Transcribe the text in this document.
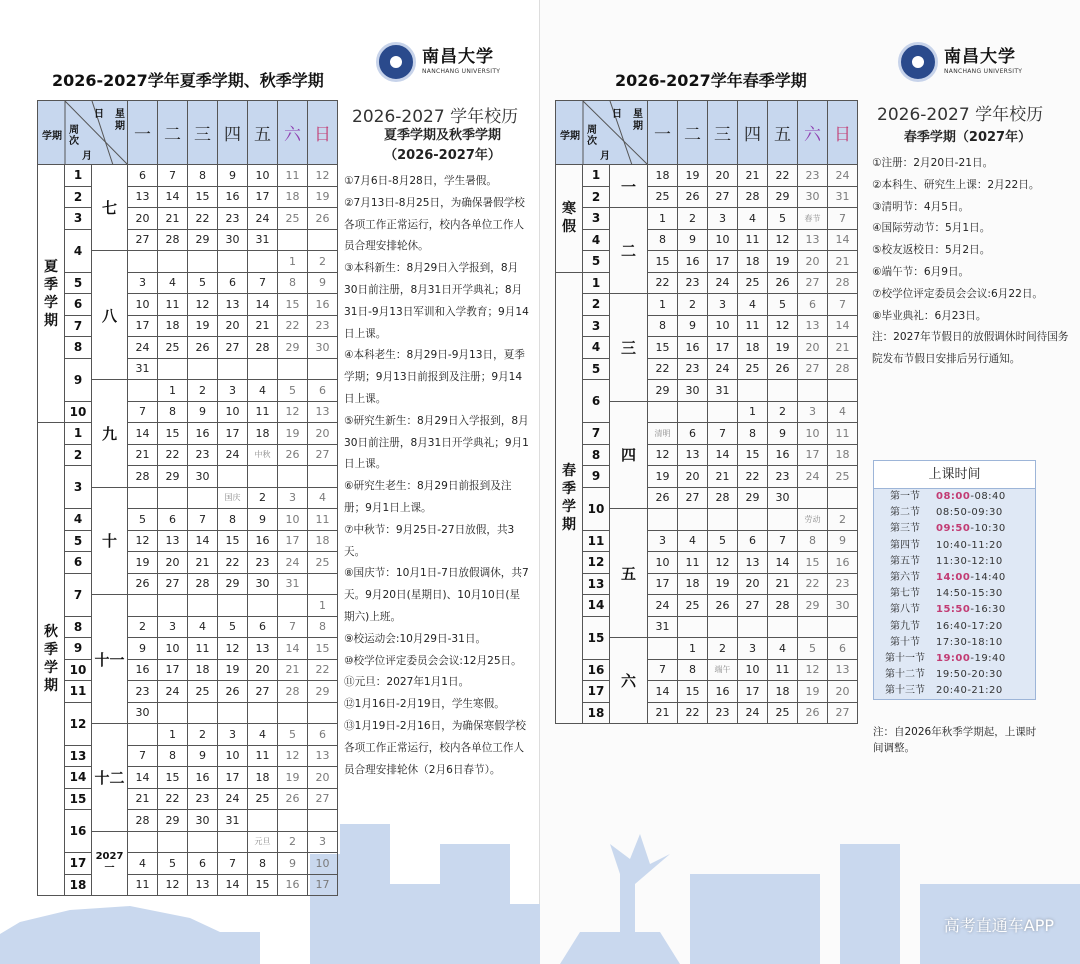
南昌大学
NANCHANG UNIVERSITY
2026-2027学年夏季学期、秋季学期
学期
日 星期
周次
月			一	二	三	四	五	六	日
夏季学期	1	七	6	7	8	9	10	11	12
	2		13	14	15	16	17	18	19
	3		20	21	22	23	24	25	26
	4		27	28	29	30	31		
		八						1	2
	5		3	4	5	6	7	8	9
	6		10	11	12	13	14	15	16
	7		17	18	19	20	21	22	23
	8		24	25	26	27	28	29	30
	9		31						
		九		1	2	3	4	5	6
	10		7	8	9	10	11	12	13
秋季学期	1		14	15	16	17	18	19	20
	2		21	22	23	24	中秋	26	27
	3		28	29	30				
		十				国庆	2	3	4
	4		5	6	7	8	9	10	11
	5		12	13	14	15	16	17	18
	6		19	20	21	22	23	24	25
	7		26	27	28	29	30	31	
		十一							1
	8		2	3	4	5	6	7	8
	9		9	10	11	12	13	14	15
	10		16	17	18	19	20	21	22
	11		23	24	25	26	27	28	29
	12		30						
		十二		1	2	3	4	5	6
	13		7	8	9	10	11	12	13
	14		14	15	16	17	18	19	20
	15		21	22	23	24	25	26	27
	16		28	29	30	31			
		2027 一					元旦	2	3
	17		4	5	6	7	8	9	10
	18		11	12	13	14	15	16	17
2026-2027 学年校历
夏季学期及秋季学期
（2026-2027年）

①7月6日-8月28日，学生暑假。

②7月13日-8月25日，为确保暑假学校各项工作正常运行，校内各单位工作人员合理安排轮休。

③本科新生：8月29日入学报到，8月30日前注册，8月31日开学典礼；8月31日-9月13日军训和入学教育；9月14日上课。

④本科老生：8月29日-9月13日，夏季学期；9月13日前报到及注册；9月14日上课。

⑤研究生新生：8月29日入学报到，8月30日前注册，8月31日开学典礼；9月1日上课。

⑥研究生老生：8月29日前报到及注册；9月1日上课。

⑦中秋节：9月25日-27日放假，共3天。

⑧国庆节：10月1日-7日放假调休，共7天。9月20日(星期日)、10月10日(星期六)上班。

⑨校运动会:10月29日-31日。

⑩校学位评定委员会会议:12月25日。

⑪元旦：2027年1月1日。

⑫1月16日-2月19日，学生寒假。

⑬1月19日-2月16日，为确保寒假学校各项工作正常运行，校内各单位工作人员合理安排轮休（2月6日春节）。

南昌大学
NANCHANG UNIVERSITY
2026-2027学年春季学期
学期
日 星期
周次
月			一	二	三	四	五	六	日
寒假	1	一	18	19	20	21	22	23	24
	2		25	26	27	28	29	30	31
	3	二	1	2	3	4	5	春节	7
	4		8	9	10	11	12	13	14
	5		15	16	17	18	19	20	21
春季学期	1		22	23	24	25	26	27	28
	2	三	1	2	3	4	5	6	7
	3		8	9	10	11	12	13	14
	4		15	16	17	18	19	20	21
	5		22	23	24	25	26	27	28
	6		29	30	31				
		四				1	2	3	4
	7		清明	6	7	8	9	10	11
	8		12	13	14	15	16	17	18
	9		19	20	21	22	23	24	25
	10		26	27	28	29	30		
		五						劳动	2
	11		3	4	5	6	7	8	9
	12		10	11	12	13	14	15	16
	13		17	18	19	20	21	22	23
	14		24	25	26	27	28	29	30
	15		31						
		六		1	2	3	4	5	6
	16		7	8	端午	10	11	12	13
	17		14	15	16	17	18	19	20
	18		21	22	23	24	25	26	27
2026-2027 学年校历
春季学期（2027年）

①注册：2月20日-21日。

②本科生、研究生上课：2月22日。

③清明节：4月5日。

④国际劳动节：5月1日。

⑤校友返校日：5月2日。

⑥端午节：6月9日。

⑦校学位评定委员会会议:6月22日。

⑧毕业典礼：6月23日。

注：2027年节假日的放假调休时间待国务院发布节假日安排后另行通知。

上课时间
第一节	08:00-08:40
第二节	08:50-09:30
第三节	09:50-10:30
第四节	10:40-11:20
第五节	11:30-12:10
第六节	14:00-14:40
第七节	14:50-15:30
第八节	15:50-16:30
第九节	16:40-17:20
第十节	17:30-18:10
第十一节	19:00-19:40
第十二节	19:50-20:30
第十三节	20:40-21:20
注：自2026年秋季学期起，上课时间调整。
高考直通车APP
